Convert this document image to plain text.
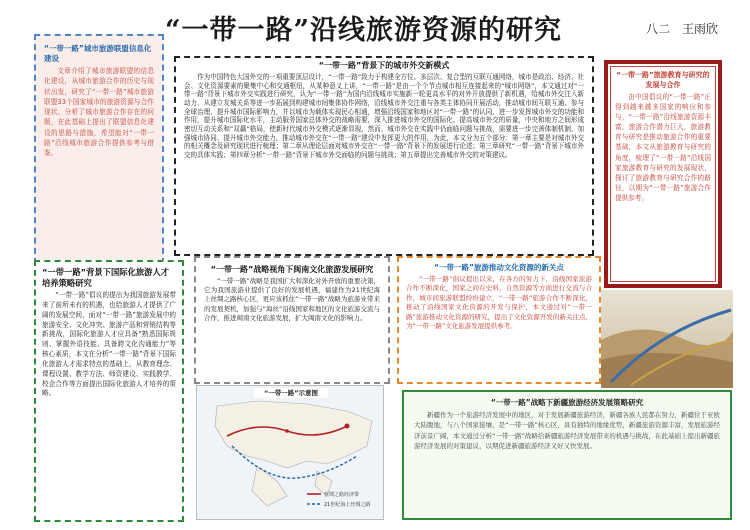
“一带一路”沿线旅游资源的研究	八二　王雨欣
“一带一路”城市旅游联盟信息化建设

文章介绍了城市旅游联盟的信息化建设，从城市旅游合作的历史与现状出发，研究了“一带一路”城市旅游联盟33个国家城市的旅游资源与合作现状，分析了城市旅游合作存在的问题，在此基础上提出了联盟信息化建设的思路与措施，希望能对“一带一路”沿线城市旅游合作提供参考与借鉴。

“一带一路”背景下的城市外交新模式

作为中国特色大国外交的一项重要顶层设计，“一带一路”致力于构建全方位、多层次、复合型的互联互通网络，城市是政治、经济、社会、文化资源要素的聚集中心和交通枢纽，从某种意义上讲，“一带一路”是由一个个节点城市相互连接起来的“城市网络”，本文通过对“一带一路”背景下城市外交实践进行研究，认为“一带一路”为国内沿线城市实施新一轮更高水平的对外开放提供了新机遇，给城市外交注入新动力，从建立友城关系等进一步拓展到构建城市间集体协作网络，沿线城市外交注重与各类主体协同开展活动，推动城市间互联互通、参与全球治理、提升城市国际影响力，并以城市为载体实现民心相通，增强沿线国家和地区对“一带一路”的认同，进一步发挥城市外交的功能和作用，提升城市国际化水平，主动服务国家总体外交的战略需要，深入推进城市外交的国际化，提高城市外交的质量，中央和地方之间形成密切互动关系和“双赢”格局，使新时代城市外交模式逐渐显现，然而，城市外交在实践中仍面临问题与挑战，需要进一步完善体制机制、加强城市协同、提升城市外交能力，推动城市外交在“一带一路”建设中发挥更大的作用，为此，本文分为五个部分：第一章主要是对城市外交的相关概念及研究现状进行梳理；第二章从理论层面对城市外交在“一带一路”背景下的发展进行论述；第三章研究“一带一路”背景下城市外交的具体实践；第四章分析“一带一路”背景下城市外交面临的问题与挑战；第五章提出完善城市外交的对策建议。

“一带一路”旅游教育与研究的发展与合作

由中国倡议的“一带一路”正得到越来越多国家的响应和参与，“一带一路”沿线旅游资源丰富，旅游合作潜力巨大，旅游教育与研究是推动旅游合作的重要基础，本文从旅游教育与研究的角度，梳理了“一带一路”沿线国家旅游教育与研究的发展现状，探讨了旅游教育与研究合作的路径，以期为“一带一路”旅游合作提供参考。

“一带一路”背景下国际化旅游人才培养策略研究

“一带一路”倡议的提出为我国旅游发展带来了前所未有的机遇，也给旅游人才提供了广阔的发展空间，面对“一带一路”旅游发展中的旅游安全、文化冲突、旅游产品和营销结构等新挑战，国际化旅游人才应具备“熟悉国际规则、掌握外语技能、具备跨文化沟通能力”等核心素质，本文在分析“一带一路”背景下国际化旅游人才需求特点的基础上，从教育理念、课程设置、教学方法、师资建设、实践教学、校企合作等方面提出国际化旅游人才培养的策略。

“一带一路”战略视角下闽南文化旅游发展研究

“一带一路”战略是我国扩大和深化对外开放的重要决策，它为我国旅游业提供了良好的发展机遇，福建作为21世纪海上丝绸之路核心区，更应该抓住“一带一路”战略为旅游业带来的发展契机，加强与“海丝”沿线国家和地区的文化旅游交流与合作，推进闽南文化旅游发展，扩大闽南文化的影响力。

“一带一路”旅游推动文化资源的新关点

“一带一路”倡议提出以来，在各方的努力下，沿线国家旅游合作不断深化，国家之间在史料、自然资源等方面进行交流与合作，城市间旅游联盟纷纷建立，“一带一路”旅游合作不断深化，推动了沿线国家文化资源的开发与保护，本文通过对“一带一路”旅游推动文化资源的研究，提出了文化资源开发的新关注点，为“一带一路”文化旅游发展提供参考。

“一带一路”示意图
丝绸之路经济带
21世纪海上丝绸之路
“一带一路”战略下新疆旅游经济发展策略研究

新疆作为一个旅游经济发展中的地区，对于发展新疆旅游经济，新疆各族人民都在努力，新疆位于亚欧大陆腹地，与八个国家接壤，是“一带一路”核心区，具有独特的地缘优势，新疆旅游资源丰富，发展旅游经济前景广阔，本文通过分析“一带一路”战略给新疆旅游经济发展带来的机遇与挑战，在此基础上提出新疆旅游经济发展的对策建议，以期促进新疆旅游经济又好又快发展。
